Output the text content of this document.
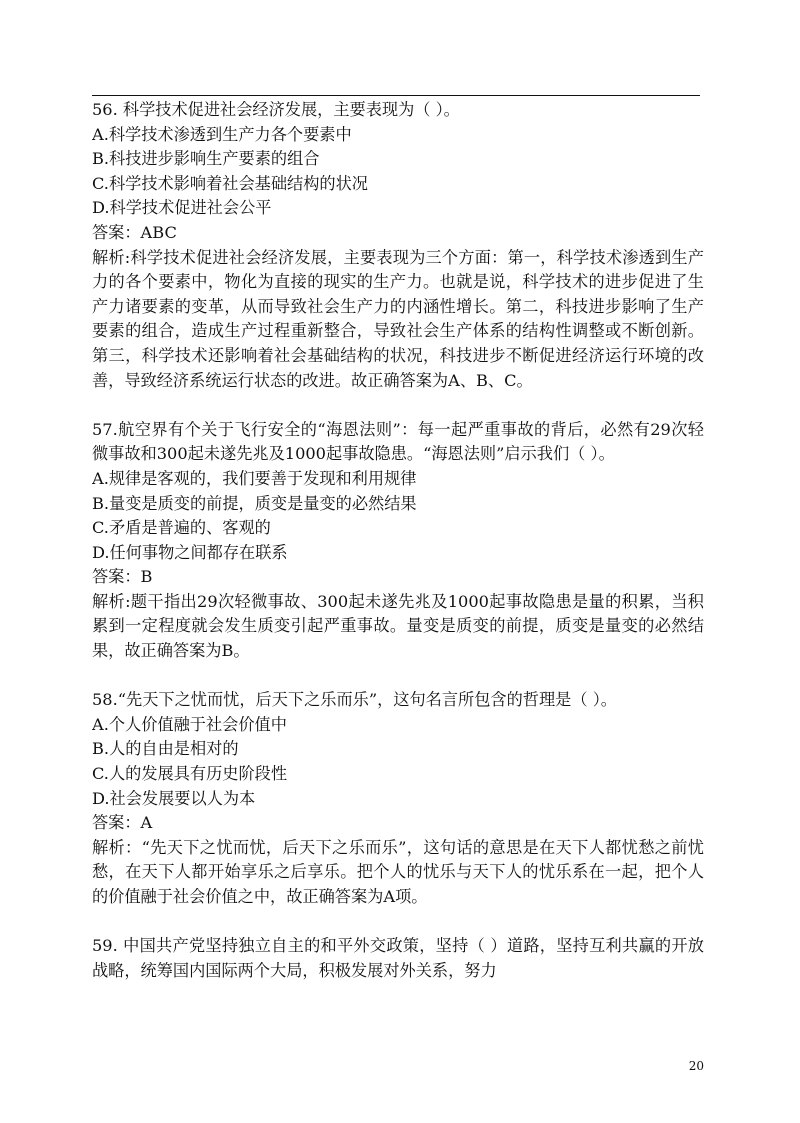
56. 科学技术促进社会经济发展，主要表现为（ ）。
A.科学技术渗透到生产力各个要素中
B.科技进步影响生产要素的组合
C.科学技术影响着社会基础结构的状况
D.科学技术促进社会公平
答案：ABC
解析:科学技术促进社会经济发展，主要表现为三个方面：第一，科学技术渗透到生产力的各个要素中，物化为直接的现实的生产力。也就是说，科学技术的进步促进了生产力诸要素的变革，从而导致社会生产力的内涵性增长。第二，科技进步影响了生产要素的组合，造成生产过程重新整合，导致社会生产体系的结构性调整或不断创新。第三，科学技术还影响着社会基础结构的状况，科技进步不断促进经济运行环境的改善，导致经济系统运行状态的改进。故正确答案为A、B、C。
57.航空界有个关于飞行安全的“海恩法则”：每一起严重事故的背后，必然有29次轻微事故和300起未遂先兆及1000起事故隐患。“海恩法则”启示我们（ ）。
A.规律是客观的，我们要善于发现和利用规律
B.量变是质变的前提，质变是量变的必然结果
C.矛盾是普遍的、客观的
D.任何事物之间都存在联系
答案：B
解析:题干指出29次轻微事故、300起未遂先兆及1000起事故隐患是量的积累，当积累到一定程度就会发生质变引起严重事故。量变是质变的前提，质变是量变的必然结果，故正确答案为B。
58.“先天下之忧而忧，后天下之乐而乐”，这句名言所包含的哲理是（ ）。
A.个人价值融于社会价值中
B.人的自由是相对的
C.人的发展具有历史阶段性
D.社会发展要以人为本
答案：A
解析：“先天下之忧而忧，后天下之乐而乐”，这句话的意思是在天下人都忧愁之前忧愁，在天下人都开始享乐之后享乐。把个人的忧乐与天下人的忧乐系在一起，把个人的价值融于社会价值之中，故正确答案为A项。
59. 中国共产党坚持独立自主的和平外交政策，坚持（ ）道路，坚持互利共赢的开放战略，统筹国内国际两个大局，积极发展对外关系，努力
20
